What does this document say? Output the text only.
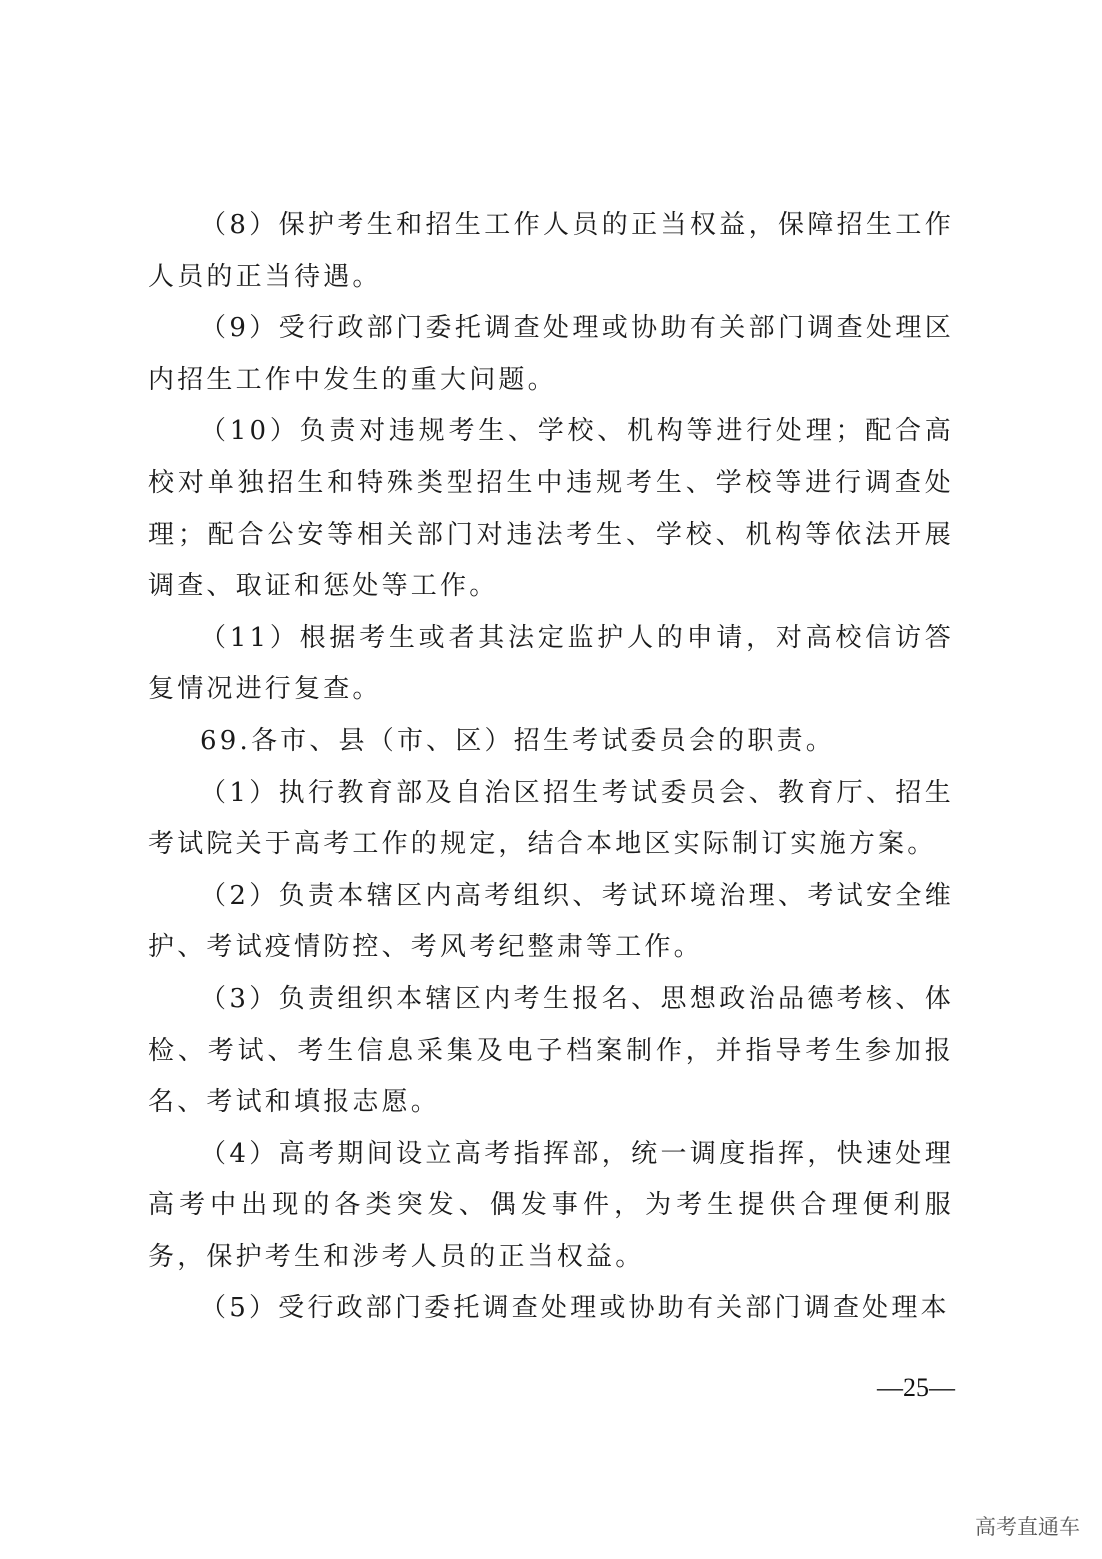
（8）保护考生和招生工作人员的正当权益，保障招生工作人员的正当待遇。

（9）受行政部门委托调查处理或协助有关部门调查处理区内招生工作中发生的重大问题。

（10）负责对违规考生、学校、机构等进行处理；配合高校对单独招生和特殊类型招生中违规考生、学校等进行调查处理；配合公安等相关部门对违法考生、学校、机构等依法开展调查、取证和惩处等工作。

（11）根据考生或者其法定监护人的申请，对高校信访答复情况进行复查。

69.各市、县（市、区）招生考试委员会的职责。

（1）执行教育部及自治区招生考试委员会、教育厅、招生考试院关于高考工作的规定，结合本地区实际制订实施方案。

（2）负责本辖区内高考组织、考试环境治理、考试安全维护、考试疫情防控、考风考纪整肃等工作。

（3）负责组织本辖区内考生报名、思想政治品德考核、体检、考试、考生信息采集及电子档案制作，并指导考生参加报名、考试和填报志愿。

（4）高考期间设立高考指挥部，统一调度指挥，快速处理高考中出现的各类突发、偶发事件，为考生提供合理便利服务，保护考生和涉考人员的正当权益。

（5）受行政部门委托调查处理或协助有关部门调查处理本

—25—
高考直通车
